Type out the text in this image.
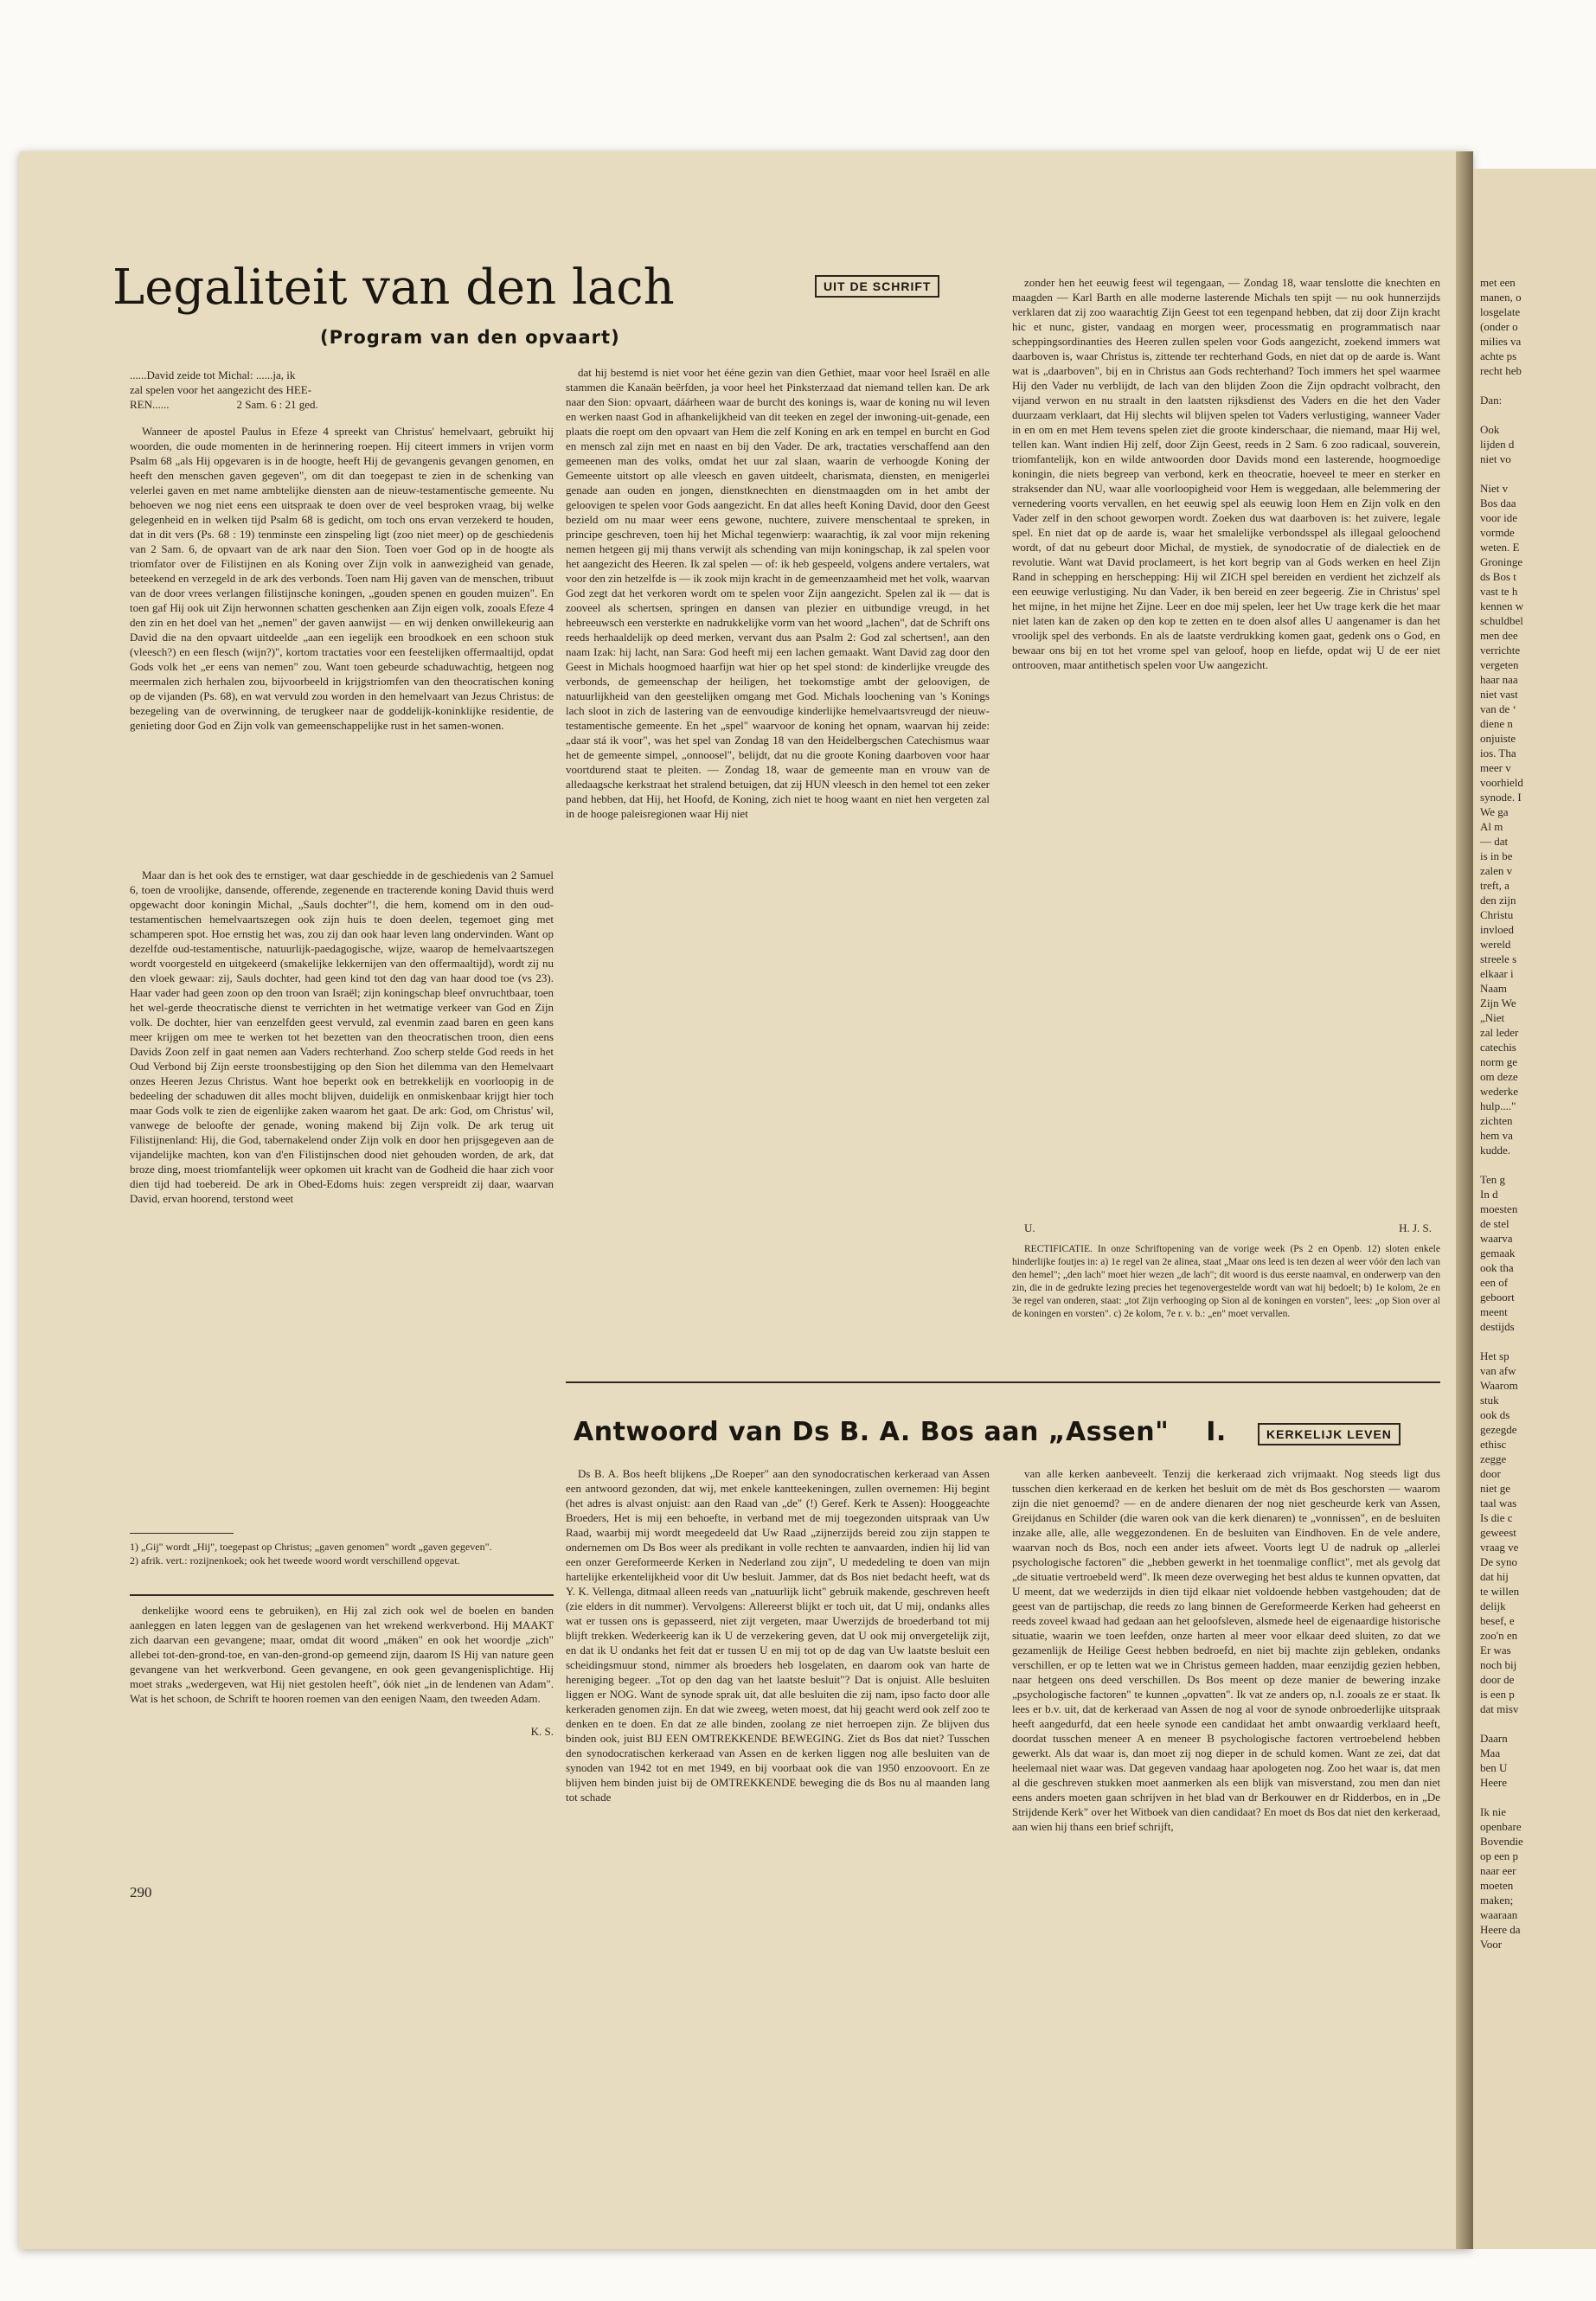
Legaliteit van den lach
(Program van den opvaart)
UIT DE SCHRIFT
......David zeide tot Michal: ......ja, ik
zal spelen voor het aangezicht des HEE-
REN......                        2 Sam. 6 : 21 ged.

Wanneer de apostel Paulus in Efeze 4 spreekt van Christus' hemelvaart, gebruikt hij woorden, die oude momenten in de herinnering roepen. Hij citeert immers in vrijen vorm Psalm 68 „als Hij opgevaren is in de hoogte, heeft Hij de gevangenis gevangen genomen, en heeft den menschen gaven gegeven", om dit dan toegepast te zien in de schenking van velerlei gaven en met name ambtelijke diensten aan de nieuw-testamentische gemeente. Nu behoeven we nog niet eens een uitspraak te doen over de veel besproken vraag, bij welke gelegenheid en in welken tijd Psalm 68 is gedicht, om toch ons ervan verzekerd te houden, dat in dit vers (Ps. 68 : 19) tenminste een zinspeling ligt (zoo niet meer) op de geschiedenis van 2 Sam. 6, de opvaart van de ark naar den Sion. Toen voer God op in de hoogte als triomfator over de Filistijnen en als Koning over Zijn volk in aanwezigheid van genade, beteekend en verzegeld in de ark des verbonds. Toen nam Hij gaven van de menschen, tribuut van de door vrees verlangen filistijnsche koningen, „gouden spenen en gouden muizen". En toen gaf Hij ook uit Zijn herwonnen schatten geschenken aan Zijn eigen volk, zooals Efeze 4 den zin en het doel van het „nemen" der gaven aanwijst — en wij denken onwillekeurig aan David die na den opvaart uitdeelde „aan een iegelijk een broodkoek en een schoon stuk (vleesch?) en een flesch (wijn?)", kortom tractaties voor een feestelijken offermaaltijd, opdat Gods volk het „er eens van nemen" zou. Want toen gebeurde schaduwachtig, hetgeen nog meermalen zich herhalen zou, bijvoorbeeld in krijgstriomfen van den theocratischen koning op de vijanden (Ps. 68), en wat vervuld zou worden in den hemelvaart van Jezus Christus: de bezegeling van de overwinning, de terugkeer naar de goddelijk-koninklijke residentie, de genieting door God en Zijn volk van gemeenschappelijke rust in het samen-wonen.

Maar dan is het ook des te ernstiger, wat daar geschiedde in de geschiedenis van 2 Samuel 6, toen de vroolijke, dansende, offerende, zegenende en tracterende koning David thuis werd opgewacht door koningin Michal, „Sauls dochter"!, die hem, komend om in den oud-testamentischen hemelvaartszegen ook zijn huis te doen deelen, tegemoet ging met schamperen spot. Hoe ernstig het was, zou zij dan ook haar leven lang ondervinden. Want op dezelfde oud-testamentische, natuurlijk-paedagogische, wijze, waarop de hemelvaartszegen wordt voorgesteld en uitgekeerd (smakelijke lekkernijen van den offermaaltijd), wordt zij nu den vloek gewaar: zij, Sauls dochter, had geen kind tot den dag van haar dood toe (vs 23). Haar vader had geen zoon op den troon van Israël; zijn koningschap bleef onvruchtbaar, toen het wel-gerde theocratische dienst te verrichten in het wetmatige verkeer van God en Zijn volk. De dochter, hier van eenzelfden geest vervuld, zal evenmin zaad baren en geen kans meer krijgen om mee te werken tot het bezetten van den theocratischen troon, dien eens Davids Zoon zelf in gaat nemen aan Vaders rechterhand. Zoo scherp stelde God reeds in het Oud Verbond bij Zijn eerste troonsbestijging op den Sion het dilemma van den Hemelvaart onzes Heeren Jezus Christus. Want hoe beperkt ook en betrekkelijk en voorloopig in de bedeeling der schaduwen dit alles mocht blijven, duidelijk en onmiskenbaar krijgt hier toch maar Gods volk te zien de eigenlijke zaken waarom het gaat. De ark: God, om Christus' wil, vanwege de beloofte der genade, woning makend bij Zijn volk. De ark terug uit Filistijnenland: Hij, die God, tabernakelend onder Zijn volk en door hen prijsgegeven aan de vijandelijke machten, kon van d'en Filistijnschen dood niet gehouden worden, de ark, dat broze ding, moest triomfantelijk weer opkomen uit kracht van de Godheid die haar zich voor dien tijd had toebereid. De ark in Obed-Edoms huis: zegen verspreidt zij daar, waarvan David, ervan hoorend, terstond weet

1) „Gij" wordt „Hij", toegepast op Christus; „gaven genomen" wordt „gaven gegeven".
2) afrik. vert.: rozijnenkoek; ook het tweede woord wordt verschillend opgevat.

denkelijke woord eens te gebruiken), en Hij zal zich ook wel de boelen en banden aanleggen en laten leggen van de geslagenen van het wrekend werkverbond. Hij MAAKT zich daarvan een gevangene; maar, omdat dit woord „máken" en ook het woordje „zich" allebei tot-den-grond-toe, en van-den-grond-op gemeend zijn, daarom IS Hij van nature geen gevangene van het werkverbond. Geen gevangene, en ook geen gevangenisplichtige. Hij moet straks „wedergeven, wat Hij niet gestolen heeft", óók niet „in de lendenen van Adam". Wat is het schoon, de Schrift te hooren roemen van den eenigen Naam, den tweeden Adam.

K. S.
290

dat hij bestemd is niet voor het ééne gezin van dien Gethiet, maar voor heel Israël en alle stammen die Kanaän beërfden, ja voor heel het Pinksterzaad dat niemand tellen kan. De ark naar den Sion: opvaart, dáárheen waar de burcht des konings is, waar de koning nu wil leven en werken naast God in afhankelijkheid van dit teeken en zegel der inwoning-uit-genade, een plaats die roept om den opvaart van Hem die zelf Koning en ark en tempel en burcht en God en mensch zal zijn met en naast en bij den Vader. De ark, tractaties verschaffend aan den gemeenen man des volks, omdat het uur zal slaan, waarin de verhoogde Koning der Gemeente uitstort op alle vleesch en gaven uitdeelt, charismata, diensten, en menigerlei genade aan ouden en jongen, dienstknechten en dienstmaagden om in het ambt der geloovigen te spelen voor Gods aangezicht. En dat alles heeft Koning David, door den Geest bezield om nu maar weer eens gewone, nuchtere, zuivere menschentaal te spreken, in principe geschreven, toen hij het Michal tegenwierp: waarachtig, ik zal voor mijn rekening nemen hetgeen gij mij thans verwijt als schending van mijn koningschap, ik zal spelen voor het aangezicht des Heeren. Ik zal spelen — of: ik heb gespeeld, volgens andere vertalers, wat voor den zin hetzelfde is — ik zook mijn kracht in de gemeenzaamheid met het volk, waarvan God zegt dat het verkoren wordt om te spelen voor Zijn aangezicht. Spelen zal ik — dat is zooveel als schertsen, springen en dansen van plezier en uitbundige vreugd, in het hebreeuwsch een versterkte en nadrukkelijke vorm van het woord „lachen", dat de Schrift ons reeds herhaaldelijk op deed merken, vervant dus aan Psalm 2: God zal schertsen!, aan den naam Izak: hij lacht, nan Sara: God heeft mij een lachen gemaakt. Want David zag door den Geest in Michals hoogmoed haarfijn wat hier op het spel stond: de kinderlijke vreugde des verbonds, de gemeenschap der heiligen, het toekomstige ambt der geloovigen, de natuurlijkheid van den geestelijken omgang met God. Michals loochening van 's Konings lach sloot in zich de lastering van de eenvoudige kinderlijke hemelvaartsvreugd der nieuw-testamentische gemeente. En het „spel" waarvoor de koning het opnam, waarvan hij zeide: „daar stá ik voor", was het spel van Zondag 18 van den Heidelbergschen Catechismus waar het de gemeente simpel, „onnoosel", belijdt, dat nu die groote Koning daarboven voor haar voortdurend staat te pleiten. — Zondag 18, waar de gemeente man en vrouw van de alledaagsche kerkstraat het stralend betuigen, dat zij HUN vleesch in den hemel tot een zeker pand hebben, dat Hij, het Hoofd, de Koning, zich niet te hoog waant en niet hen vergeten zal in de hooge paleisregionen waar Hij niet

zonder hen het eeuwig feest wil tegengaan, — Zondag 18, waar tenslotte die knechten en maagden — Karl Barth en alle moderne lasterende Michals ten spijt — nu ook hunnerzijds verklaren dat zij zoo waarachtig Zijn Geest tot een tegenpand hebben, dat zij door Zijn kracht hic et nunc, gister, vandaag en morgen weer, processmatig en programmatisch naar scheppingsordinanties des Heeren zullen spelen voor Gods aangezicht, zoekend immers wat daarboven is, waar Christus is, zittende ter rechterhand Gods, en niet dat op de aarde is. Want wat is „daarboven", bij en in Christus aan Gods rechterhand? Toch immers het spel waarmee Hij den Vader nu verblijdt, de lach van den blijden Zoon die Zijn opdracht volbracht, den vijand verwon en nu straalt in den laatsten rijksdienst des Vaders en die het den Vader duurzaam verklaart, dat Hij slechts wil blijven spelen tot Vaders verlustiging, wanneer Vader in en om en met Hem tevens spelen ziet die groote kinderschaar, die niemand, maar Hij wel, tellen kan. Want indien Hij zelf, door Zijn Geest, reeds in 2 Sam. 6 zoo radicaal, souverein, triomfantelijk, kon en wilde antwoorden door Davids mond een lasterende, hoogmoedige koningin, die niets begreep van verbond, kerk en theocratie, hoeveel te meer en sterker en straksender dan NU, waar alle voorloopigheid voor Hem is weggedaan, alle belemmering der vernedering voorts vervallen, en het eeuwig spel als eeuwig loon Hem en Zijn volk en den Vader zelf in den schoot geworpen wordt. Zoeken dus wat daarboven is: het zuivere, legale spel. En niet dat op de aarde is, waar het smalelijke verbondsspel als illegaal geloochend wordt, of dat nu gebeurt door Michal, de mystiek, de synodocratie of de dialectiek en de revolutie. Want wat David proclameert, is het kort begrip van al Gods werken en heel Zijn Rand in schepping en herschepping: Hij wil ZICH spel bereiden en verdient het zichzelf als een eeuwige verlustiging. Nu dan Vader, ik ben bereid en zeer begeerig. Zie in Christus' spel het mijne, in het mijne het Zijne. Leer en doe mij spelen, leer het Uw trage kerk die het maar niet laten kan de zaken op den kop te zetten en te doen alsof alles U aangenamer is dan het vroolijk spel des verbonds. En als de laatste verdrukking komen gaat, gedenk ons o God, en bewaar ons bij en tot het vrome spel van geloof, hoop en liefde, opdat wij U de eer niet ontrooven, maar antithetisch spelen voor Uw aangezicht.

U.	H. J. S.

RECTIFICATIE. In onze Schriftopening van de vorige week (Ps 2 en Openb. 12) sloten enkele hinderlijke foutjes in: a) 1e regel van 2e alinea, staat „Maar ons leed is ten dezen al weer vóór den lach van den hemel"; „den lach" moet hier wezen „de lach"; dit woord is dus eerste naamval, en onderwerp van den zin, die in de gedrukte lezing precies het tegenovergestelde wordt van wat hij bedoelt; b) 1e kolom, 2e en 3e regel van onderen, staat: „tot Zijn verhooging op Sion al de koningen en vorsten", lees: „op Sion over al de koningen en vorsten". c) 2e kolom, 7e r. v. b.: „en" moet vervallen.

Antwoord van Ds B. A. Bos aan „Assen" I.	KERKELIJK LEVEN

Ds B. A. Bos heeft blijkens „De Roeper" aan den synodocratischen kerkeraad van Assen een antwoord gezonden, dat wij, met enkele kantteekeningen, zullen overnemen: Hij begint (het adres is alvast onjuist: aan den Raad van „de" (!) Geref. Kerk te Assen): Hooggeachte Broeders, Het is mij een behoefte, in verband met de mij toegezonden uitspraak van Uw Raad, waarbij mij wordt meegedeeld dat Uw Raad „zijnerzijds bereid zou zijn stappen te ondernemen om Ds Bos weer als predikant in volle rechten te aanvaarden, indien hij lid van een onzer Gereformeerde Kerken in Nederland zou zijn", U mededeling te doen van mijn hartelijke erkentelijkheid voor dit Uw besluit. Jammer, dat ds Bos niet bedacht heeft, wat ds Y. K. Vellenga, ditmaal alleen reeds van „natuurlijk licht" gebruik makende, geschreven heeft (zie elders in dit nummer). Vervolgens: Allereerst blijkt er toch uit, dat U mij, ondanks alles wat er tussen ons is gepasseerd, niet zijt vergeten, maar Uwerzijds de broederband tot mij blijft trekken. Wederkeerig kan ik U de verzekering geven, dat U ook mij onvergetelijk zijt, en dat ik U ondanks het feit dat er tussen U en mij tot op de dag van Uw laatste besluit een scheidingsmuur stond, nimmer als broeders heb losgelaten, en daarom ook van harte de hereniging begeer. „Tot op den dag van het laatste besluit"? Dat is onjuist. Alle besluiten liggen er NOG. Want de synode sprak uit, dat alle besluiten die zij nam, ipso facto door alle kerkeraden genomen zijn. En dat wie zweeg, weten moest, dat hij geacht werd ook zelf zoo te denken en te doen. En dat ze alle binden, zoolang ze niet herroepen zijn. Ze blijven dus binden ook, juist BIJ EEN OMTREKKENDE BEWEGING. Ziet ds Bos dat niet? Tusschen den synodocratischen kerkeraad van Assen en de kerken liggen nog alle besluiten van de synoden van 1942 tot en met 1949, en bij voorbaat ook die van 1950 enzoovoort. En ze blijven hem binden juist bij de OMTREKKENDE beweging die ds Bos nu al maanden lang tot schade

van alle kerken aanbeveelt. Tenzij die kerkeraad zich vrijmaakt. Nog steeds ligt dus tusschen dien kerkeraad en de kerken het besluit om de mèt ds Bos geschorsten — waarom zijn die niet genoemd? — en de andere dienaren der nog niet gescheurde kerk van Assen, Greijdanus en Schilder (die waren ook van die kerk dienaren) te „vonnissen", en de besluiten inzake alle, alle, alle weggezondenen. En de besluiten van Eindhoven. En de vele andere, waarvan noch ds Bos, noch een ander iets afweet. Voorts legt U de nadruk op „allerlei psychologische factoren" die „hebben gewerkt in het toenmalige conflict", met als gevolg dat „de situatie vertroebeld werd". Ik meen deze overweging het best aldus te kunnen opvatten, dat U meent, dat we wederzijds in dien tijd elkaar niet voldoende hebben vastgehouden; dat de geest van de partijschap, die reeds zo lang binnen de Gereformeerde Kerken had geheerst en reeds zoveel kwaad had gedaan aan het geloofsleven, alsmede heel de eigenaardige historische situatie, waarin we toen leefden, onze harten al meer voor elkaar deed sluiten, zo dat we gezamenlijk de Heilige Geest hebben bedroefd, en niet bij machte zijn gebleken, ondanks verschillen, er op te letten wat we in Christus gemeen hadden, maar eenzijdig gezien hebben, naar hetgeen ons deed verschillen. Ds Bos meent op deze manier de bewering inzake „psychologische factoren" te kunnen „opvatten". Ik vat ze anders op, n.l. zooals ze er staat. Ik lees er b.v. uit, dat de kerkeraad van Assen de nog al voor de synode onbroederlijke uitspraak heeft aangedurfd, dat een heele synode een candidaat het ambt onwaardig verklaard heeft, doordat tusschen meneer A en meneer B psychologische factoren vertroebelend hebben gewerkt. Als dat waar is, dan moet zij nog dieper in de schuld komen. Want ze zei, dat dat heelemaal niet waar was. Dat gegeven vandaag haar apologeten nog. Zoo het waar is, dat men al die geschreven stukken moet aanmerken als een blijk van misverstand, zou men dan niet eens anders moeten gaan schrijven in het blad van dr Berkouwer en dr Ridderbos, en in „De Strijdende Kerk" over het Witboek van dien candidaat? En moet ds Bos dat niet den kerkeraad, aan wien hij thans een brief schrijft,

met een
manen, o
losgelate
(onder o
milies va
achte ps
recht heb

Dan:

Ook
lijden d
niet vo

Niet v
Bos daa
voor ide
vormde
weten. E
Groninge
ds Bos t
vast te h
kennen w
schuldbel
men dee
verrichte
vergeten
haar naa
niet vast
van de ‘
diene n
onjuiste
ios. Tha
meer v
voorhield
synode. I
We ga
Al m
— dat
is in be
zalen v
treft, a
den zijn
Christu
invloed
wereld
streele s
elkaar i
Naam
Zijn We
„Niet
zal leder
catechis
norm ge
om deze
wederke
hulp...."
zichten
hem va
kudde.

Ten g
In d
moesten
de stel
waarva
gemaak
ook tha
een of
geboort
meent
destijds

Het sp
van afw
Waarom
stuk
ook ds
gezegde
ethisc
zegge
door
niet ge
taal was
Is die c
geweest
vraag ve
De syno
dat hij
te willen
delijk
besef, e
zoo'n en
Er was
noch bij
door de
is een p
dat misv

Daarn
Maa
ben U
Heere

Ik nie
openbare
Bovendie
op een p
naar eer
moeten
maken;
waaraan
Heere da
Voor
